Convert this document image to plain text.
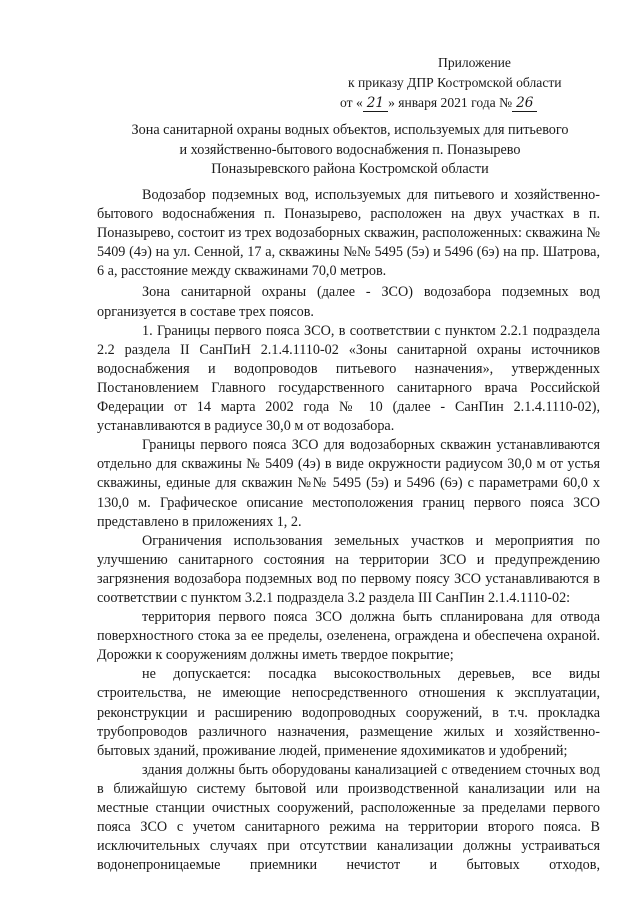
Приложение
к приказу ДПР Костромской области
от « 21 » января 2021 года № 26
Зона санитарной охраны водных объектов, используемых для питьевого
и хозяйственно-бытового водоснабжения п. Поназырево
Поназыревского района Костромской области

Водозабор подземных вод, используемых для питьевого и хозяйственно-бытового водоснабжения п. Поназырево, расположен на двух участках в п. Поназырево, состоит из трех водозаборных скважин, расположенных: скважина № 5409 (4э) на ул. Сенной, 17 а, скважины №№ 5495 (5э) и 5496 (6э) на пр. Шатрова, 6 а, расстояние между скважинами 70,0 метров.

Зона санитарной охраны (далее - ЗСО) водозабора подземных вод организуется в составе трех поясов.

1. Границы первого пояса ЗСО, в соответствии с пунктом 2.2.1 подраздела 2.2 раздела II СанПиН 2.1.4.1110-02 «Зоны санитарной охраны источников водоснабжения и водопроводов питьевого назначения», утвержденных Постановлением Главного государственного санитарного врача Российской Федерации от 14 марта 2002 года № 10 (далее - СанПин 2.1.4.1110-02), устанавливаются в радиусе 30,0 м от водозабора.

Границы первого пояса ЗСО для водозаборных скважин устанавливаются отдельно для скважины № 5409 (4э) в виде окружности радиусом 30,0 м от устья скважины, единые для скважин №№ 5495 (5э) и 5496 (6э) с параметрами 60,0 х 130,0 м. Графическое описание местоположения границ первого пояса ЗСО представлено в приложениях 1, 2.

Ограничения использования земельных участков и мероприятия по улучшению санитарного состояния на территории ЗСО и предупреждению загрязнения водозабора подземных вод по первому поясу ЗСО устанавливаются в соответствии с пунктом 3.2.1 подраздела 3.2 раздела III СанПин 2.1.4.1110-02:

территория первого пояса ЗСО должна быть спланирована для отвода поверхностного стока за ее пределы, озеленена, ограждена и обеспечена охраной. Дорожки к сооружениям должны иметь твердое покрытие;

не допускается: посадка высокоствольных деревьев, все виды строительства, не имеющие непосредственного отношения к эксплуатации, реконструкции и расширению водопроводных сооружений, в т.ч. прокладка трубопроводов различного назначения, размещение жилых и хозяйственно-бытовых зданий, проживание людей, применение ядохимикатов и удобрений;

здания должны быть оборудованы канализацией с отведением сточных вод в ближайшую систему бытовой или производственной канализации или на местные станции очистных сооружений, расположенные за пределами первого пояса ЗСО с учетом санитарного режима на территории второго пояса. В исключительных случаях при отсутствии канализации должны устраиваться водонепроницаемые приемники нечистот и бытовых отходов,
